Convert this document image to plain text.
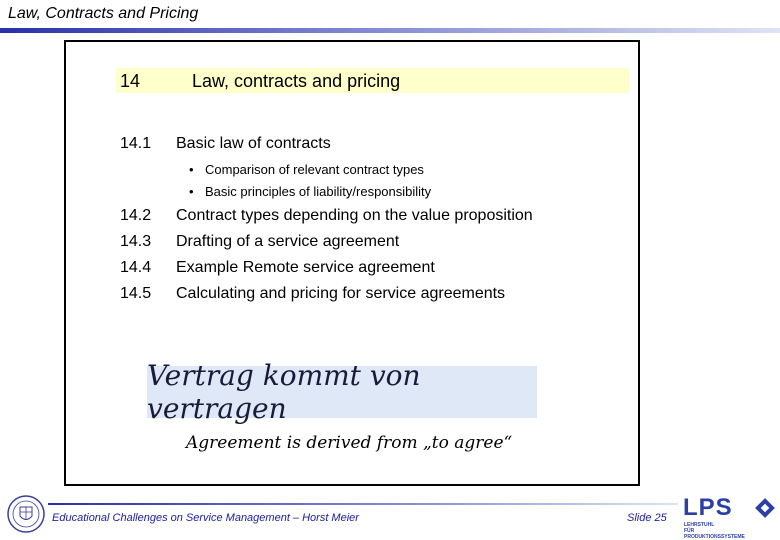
Law, Contracts and Pricing
14	Law, contracts and pricing
14.1 Basic law of contracts
• Comparison of relevant contract types
• Basic principles of liability/responsibility
14.2 Contract types depending on the value proposition
14.3 Drafting of a service agreement
14.4 Example Remote service agreement
14.5 Calculating and pricing for service agreements
Vertrag kommt von vertragen
Agreement is derived from „to agree“
Educational Challenges on Service Management – Horst Meier	Slide 25 LPS
LEHRSTUHL
FÜR PRODUKTIONSSYSTEME
